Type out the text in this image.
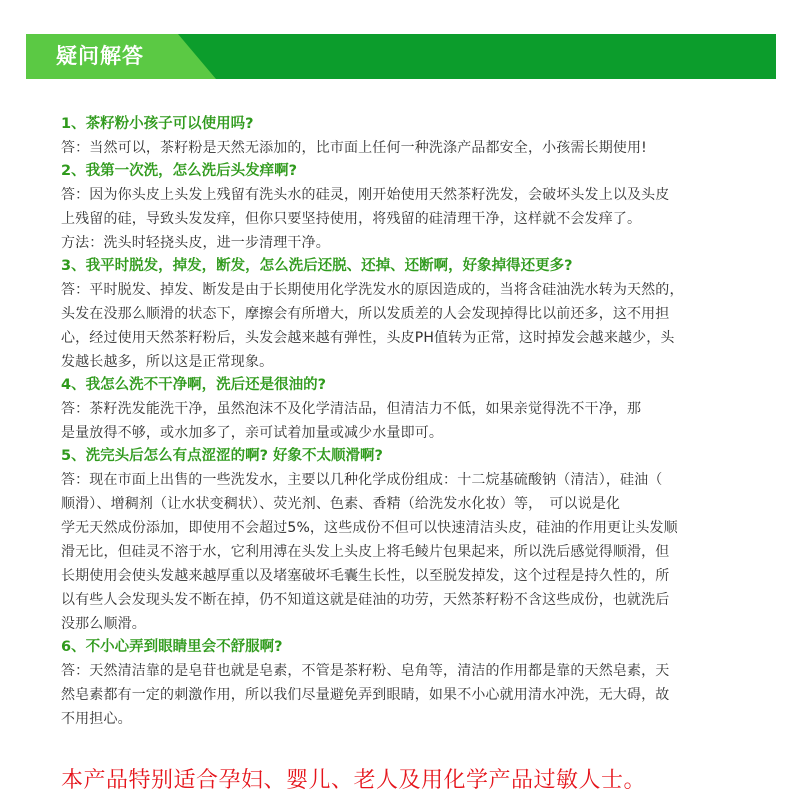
疑问解答
1、茶籽粉小孩子可以使用吗?
答：当然可以，茶籽粉是天然无添加的，比市面上任何一种洗涤产品都安全，小孩需长期使用!
2、我第一次洗，怎么洗后头发痒啊?
答：因为你头皮上头发上残留有洗头水的硅灵，刚开始使用天然茶籽洗发，会破坏头发上以及头皮
上残留的硅，导致头发发痒，但你只要坚持使用，将残留的硅清理干净，这样就不会发痒了。
方法：洗头时轻挠头皮，进一步清理干净。
3、我平时脱发，掉发，断发，怎么洗后还脱、还掉、还断啊，好象掉得还更多?
答：平时脱发、掉发、断发是由于长期使用化学洗发水的原因造成的，当将含硅油洗水转为天然的，
头发在没那么顺滑的状态下，摩擦会有所增大，所以发质差的人会发现掉得比以前还多，这不用担
心，经过使用天然茶籽粉后，头发会越来越有弹性，头皮PH值转为正常，这时掉发会越来越少，头
发越长越多，所以这是正常现象。
4、我怎么洗不干净啊，洗后还是很油的?
答：茶籽洗发能洗干净，虽然泡沫不及化学清洁品，但清洁力不低，如果亲觉得洗不干净，那
是量放得不够，或水加多了，亲可试着加量或减少水量即可。
5、洗完头后怎么有点涩涩的啊? 好象不太顺滑啊?
答：现在市面上出售的一些洗发水，主要以几种化学成份组成：十二烷基硫酸钠（清洁），硅油（
顺滑）、增稠剂（让水状变稠状）、荧光剂、色素、香精（给洗发水化妆）等，　可以说是化
学无天然成份添加，即使用不会超过5%，这些成份不但可以快速清洁头皮，硅油的作用更让头发顺
滑无比，但硅灵不溶于水，它利用溥在头发上头皮上将毛鲮片包果起来，所以洗后感觉得顺滑，但
长期使用会使头发越来越厚重以及堵塞破坏毛囊生长性，以至脱发掉发，这个过程是持久性的，所
以有些人会发现头发不断在掉，仍不知道这就是硅油的功劳，天然茶籽粉不含这些成份，也就洗后
没那么顺滑。
6、不小心弄到眼睛里会不舒服啊?
答：天然清洁靠的是皂苷也就是皂素，不管是茶籽粉、皂角等，清洁的作用都是靠的天然皂素，天
然皂素都有一定的刺激作用，所以我们尽量避免弄到眼睛，如果不小心就用清水冲洗，无大碍，故
不用担心。
本产品特别适合孕妇、婴儿、老人及用化学产品过敏人士。
